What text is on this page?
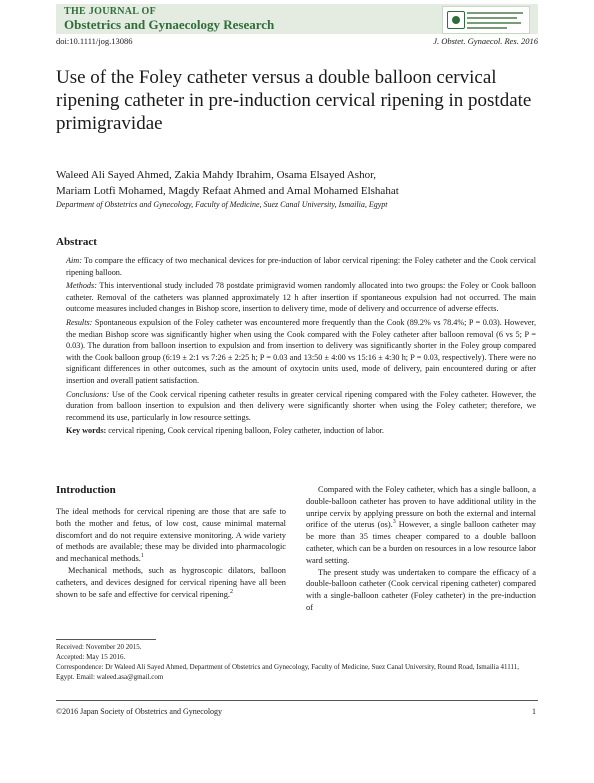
THE JOURNAL OF
Obstetrics and Gynaecology Research
doi:10.1111/jog.13086	J. Obstet. Gynaecol. Res. 2016
Use of the Foley catheter versus a double balloon cervical ripening catheter in pre-induction cervical ripening in postdate primigravidae
Waleed Ali Sayed Ahmed, Zakia Mahdy Ibrahim, Osama Elsayed Ashor,
Mariam Lotfi Mohamed, Magdy Refaat Ahmed and Amal Mohamed Elshahat
Department of Obstetrics and Gynecology, Faculty of Medicine, Suez Canal University, Ismailia, Egypt
Abstract

Aim: To compare the efficacy of two mechanical devices for pre-induction of labor cervical ripening: the Foley catheter and the Cook cervical ripening balloon.

Methods: This interventional study included 78 postdate primigravid women randomly allocated into two groups: the Foley or Cook balloon catheter. Removal of the catheters was planned approximately 12 h after insertion if spontaneous expulsion had not occurred. The main outcome measures included changes in Bishop score, insertion to delivery time, mode of delivery and occurrence of adverse effects.

Results: Spontaneous expulsion of the Foley catheter was encountered more frequently than the Cook (89.2% vs 78.4%; P = 0.03). However, the median Bishop score was significantly higher when using the Cook compared with the Foley catheter after balloon removal (6 vs 5; P = 0.03). The duration from balloon insertion to expulsion and from insertion to delivery was significantly shorter in the Foley group compared with the Cook balloon group (6:19 ± 2:1 vs 7:26 ± 2:25 h; P = 0.03 and 13:50 ± 4:00 vs 15:16 ± 4:30 h; P = 0.03, respectively). There were no significant differences in other outcomes, such as the amount of oxytocin units used, mode of delivery, pain encountered during or after insertion and overall patient satisfaction.

Conclusions: Use of the Cook cervical ripening catheter results in greater cervical ripening compared with the Foley catheter. However, the duration from balloon insertion to expulsion and then delivery were significantly shorter when using the Foley catheter; therefore, we recommend its use, particularly in low resource settings.

Key words: cervical ripening, Cook cervical ripening balloon, Foley catheter, induction of labor.

Introduction

The ideal methods for cervical ripening are those that are safe to both the mother and fetus, of low cost, cause minimal maternal discomfort and do not require extensive monitoring. A wide variety of methods are available; these may be divided into pharmacologic and mechanical methods.$^1$

Mechanical methods, such as hygroscopic dilators, balloon catheters, and devices designed for cervical ripening have all been shown to be safe and effective for cervical ripening.$^2$

Compared with the Foley catheter, which has a single balloon, a double-balloon catheter has proven to have additional utility in the unripe cervix by applying pressure on both the external and internal orifice of the uterus (os).$^3$ However, a single balloon catheter may be more than 35 times cheaper compared to a double balloon catheter, which can be a burden on resources in a low resource labor ward setting.

The present study was undertaken to compare the efficacy of a double-balloon catheter (Cook cervical ripening catheter) compared with a single-balloon catheter (Foley catheter) in the pre-induction of

Received: November 20 2015.

Accepted: May 15 2016.

Correspondence: Dr Waleed Ali Sayed Ahmed, Department of Obstetrics and Gynecology, Faculty of Medicine, Suez Canal University, Round Road, Ismailia 41111, Egypt. Email: waleed.asa@gmail.com

©2016 Japan Society of Obstetrics and Gynecology	1
